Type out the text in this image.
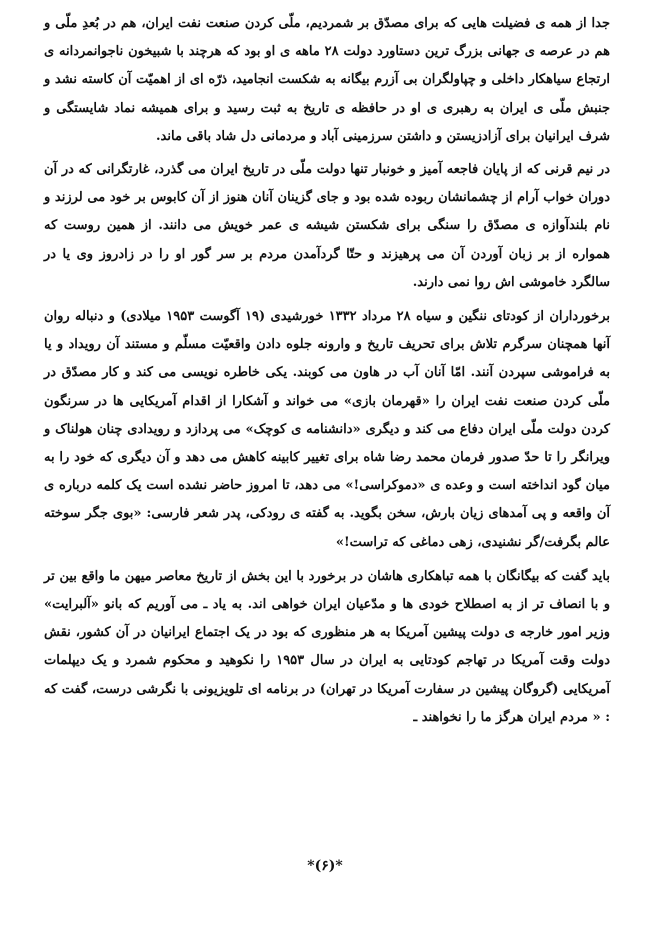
جدا از همه ی فضیلت هایی که برای مصدّق بر شمردیم، ملّی کردن صنعت نفت ایران، هم در بُعدِ ملّی و هم در عرصه ی جهانی بزرگ ترین دستاورد دولت ۲۸ ماهه ی او بود که هرچند با شبیخون ناجوانمردانه ی ارتجاع سیاهکار داخلی و چپاولگران بی آزرم بیگانه به شکست انجامید، ذرّه ای از اهمیّت آن کاسته نشد و جنبش ملّی ی ایران به رهبری ی او در حافظه ی تاریخ به ثبت رسید و برای همیشه نماد شایستگی و شرف ایرانیان برای آزادزیستن و داشتن سرزمینی آباد و مردمانی دل شاد باقی ماند.

در نیم قرنی که از پایان فاجعه آمیز و خونبار تنها دولت ملّی در تاریخ ایران می گذرد، غارتگرانی که در آن دوران خواب آرام از چشمانشان ربوده شده بود و جای گزینان آنان هنوز از آن کابوس بر خود می لرزند و نام بلندآوازه ی مصدّق را سنگی برای شکستن شیشه ی عمر خویش می دانند. از همین روست که همواره از بر زبان آوردن آن می پرهیزند و حتّا گردآمدن مردم بر سر گور او را در زادروز وی یا در سالگرد خاموشی اش روا نمی دارند.

برخورداران از کودتای ننگین و سیاه ۲۸ مرداد ۱۳۳۲ خورشیدی (۱۹ آگوست ۱۹۵۳ میلادی) و دنباله روان آنها همچنان سرگرم تلاش برای تحریف تاریخ و وارونه جلوه دادن واقعیّت مسلّم و مستند آن رویداد و یا به فراموشی سپردن آنند. امّا آنان آب در هاون می کوبند. یکی خاطره نویسی می کند و کار مصدّق در ملّی کردن صنعت نفت ایران را «قهرمان بازی» می خواند و آشکارا از اقدام آمریکایی ها در سرنگون کردن دولت ملّی ایران دفاع می کند و دیگری «دانشنامه ی کوچک» می پردازد و رویدادی چنان هولناک و ویرانگر را تا حدّ صدور فرمان محمد رضا شاه برای تغییر کابینه کاهش می دهد و آن دیگری که خود را به میان گود انداخته است و وعده ی «دموکراسی!» می دهد، تا امروز حاضر نشده است یک کلمه درباره ی آن واقعه و پی آمدهای زیان بارش، سخن بگوید. به گفته ی رودکی، پدر شعر فارسی: «بوی جگر سوخته عالم بگرفت/گر نشنیدی، زهی دماغی که تراست!»

باید گفت که بیگانگان با همه تباهکاری هاشان در برخورد با این بخش از تاریخ معاصر میهن ما واقع بین تر و با انصاف تر از به اصطلاح خودی ها و مدّعیان ایران خواهی اند. به یاد ـ می آوریم که بانو «آلبرایت» وزیر امور خارجه ی دولت پیشین آمریکا به هر منظوری که بود در یک اجتماع ایرانیان در آن کشور، نقش دولت وقت آمریکا در تهاجم کودتایی به ایران در سال ۱۹۵۳ را نکوهید و محکوم شمرد و یک دیپلمات آمریکایی (گروگان پیشین در سفارت آمریکا در تهران) در برنامه ای تلویزیونی با نگرشی درست، گفت که : « مردم ایران هرگز ما را نخواهند ـ

*(۶)*
